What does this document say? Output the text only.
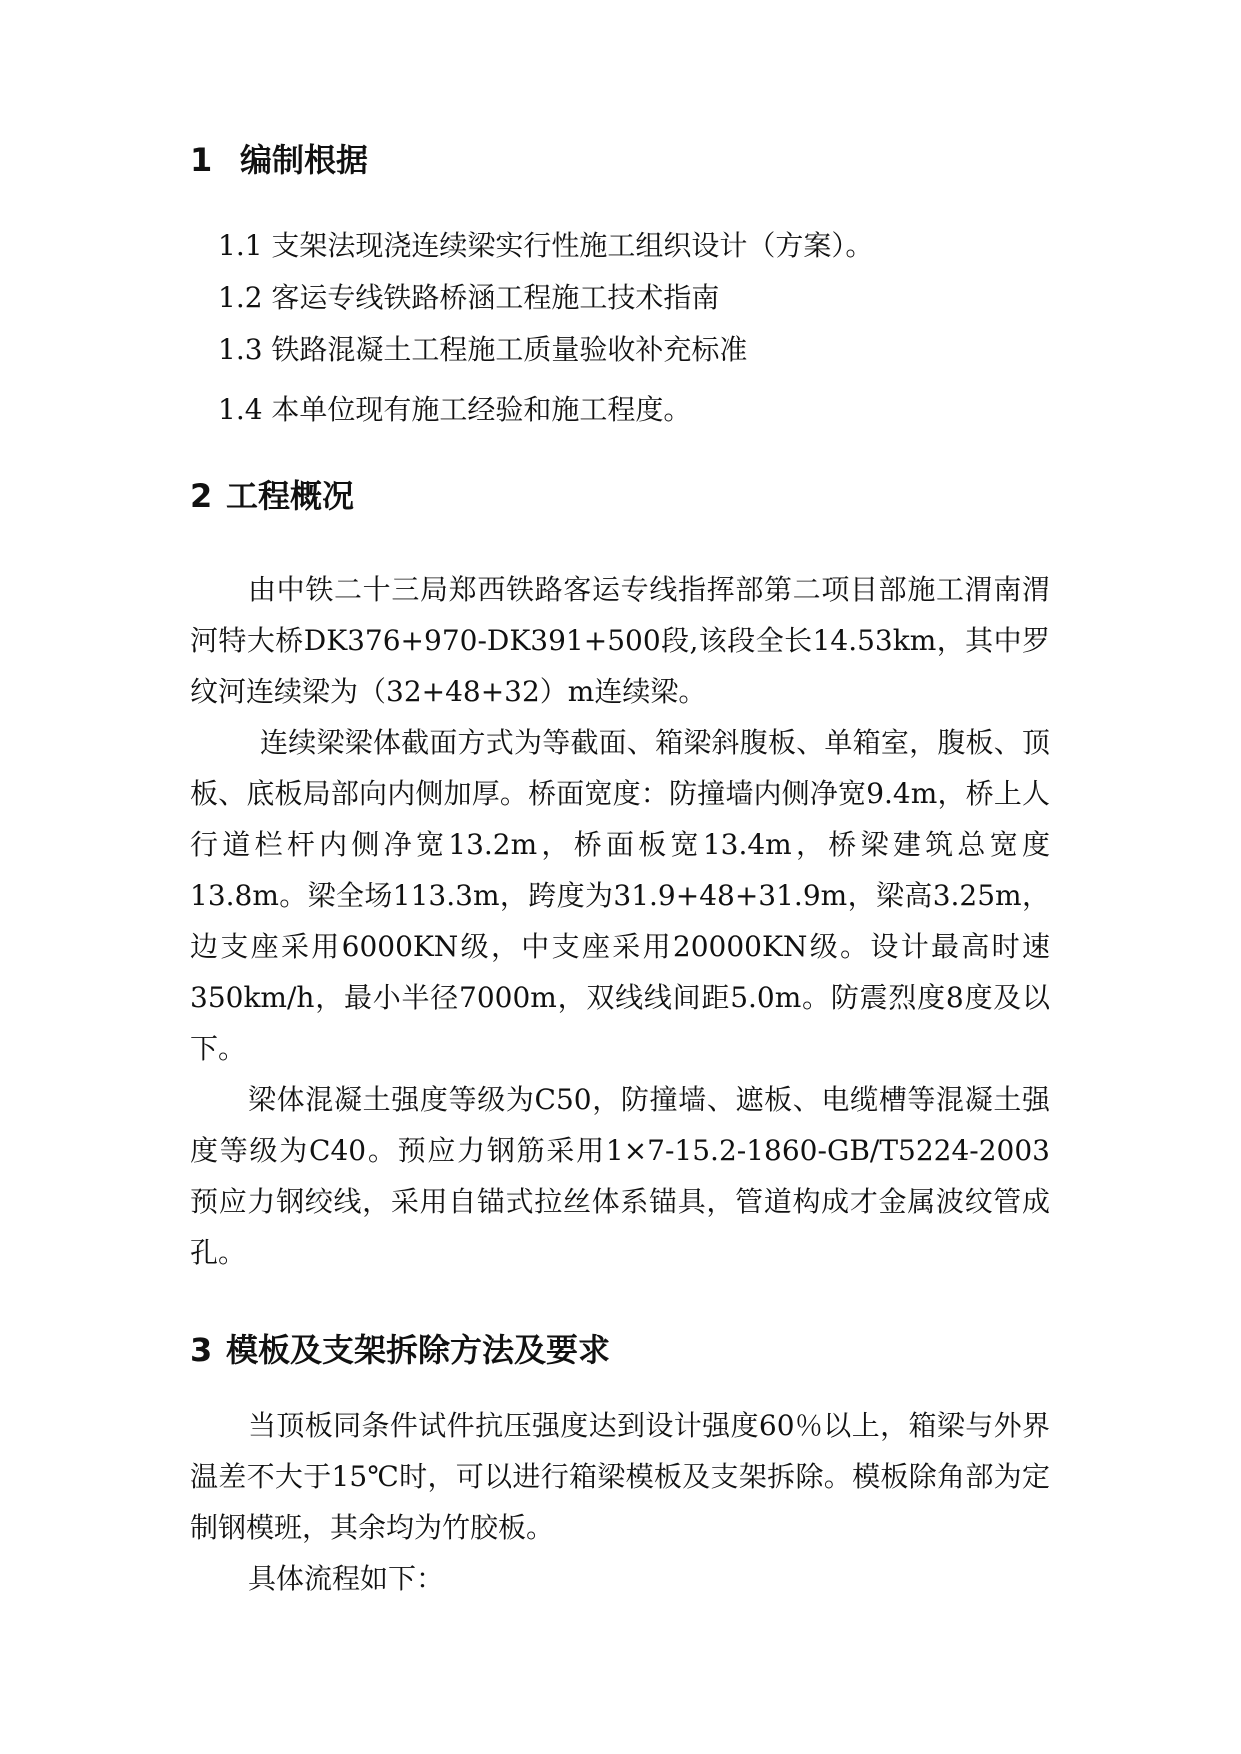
1 编制根据
1.1 支架法现浇连续梁实行性施工组织设计（方案）。
1.2 客运专线铁路桥涵工程施工技术指南
1.3 铁路混凝土工程施工质量验收补充标准
1.4 本单位现有施工经验和施工程度。
2 工程概况

由中铁二十三局郑西铁路客运专线指挥部第二项目部施工渭南渭河特大桥DK376+970-DK391+500段,该段全长14.53km，其中罗纹河连续梁为（32+48+32）m连续梁。

连续梁梁体截面方式为等截面、箱梁斜腹板、单箱室，腹板、顶板、底板局部向内侧加厚。桥面宽度：防撞墙内侧净宽9.4m，桥上人行道栏杆内侧净宽13.2m，桥面板宽13.4m，桥梁建筑总宽度13.8m。梁全场113.3m，跨度为31.9+48+31.9m，梁高3.25m，边支座采用6000KN级，中支座采用20000KN级。设计最高时速350km/h，最小半径7000m，双线线间距5.0m。防震烈度8度及以下。

梁体混凝土强度等级为C50，防撞墙、遮板、电缆槽等混凝土强度等级为C40。预应力钢筋采用1×7-15.2-1860-GB/T5224-2003预应力钢绞线，采用自锚式拉丝体系锚具，管道构成才金属波纹管成孔。

3 模板及支架拆除方法及要求

当顶板同条件试件抗压强度达到设计强度60％以上，箱梁与外界温差不大于15℃时，可以进行箱梁模板及支架拆除。模板除角部为定制钢模班，其余均为竹胶板。

具体流程如下：
